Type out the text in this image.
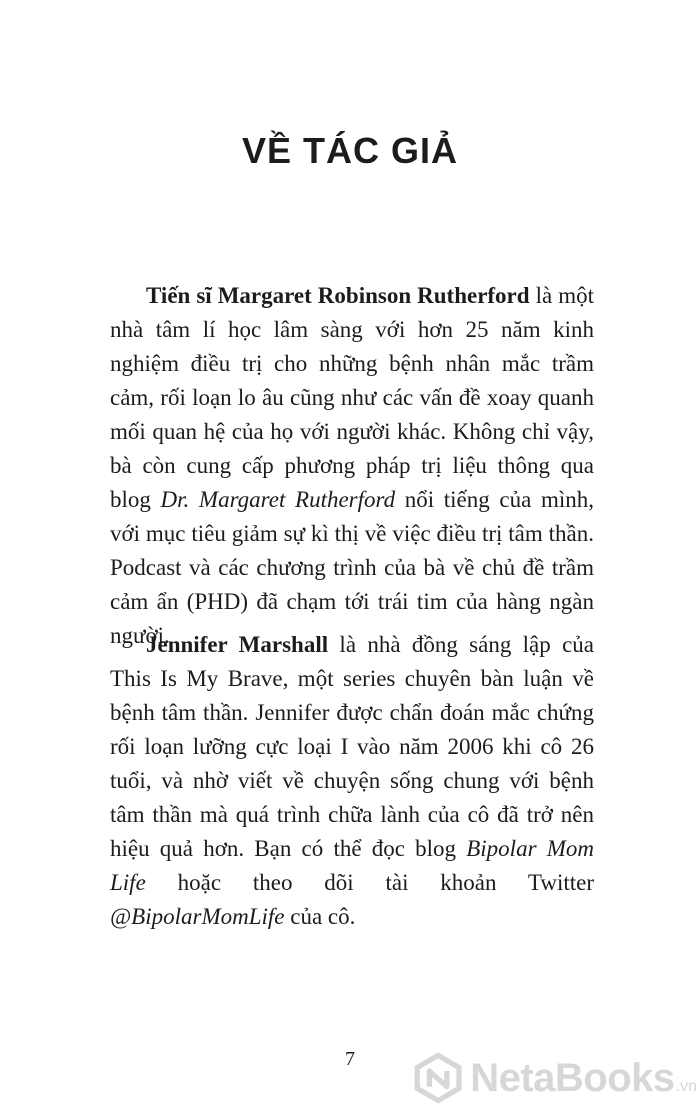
VỀ TÁC GIẢ

Tiến sĩ Margaret Robinson Rutherford là một nhà tâm lí học lâm sàng với hơn 25 năm kinh nghiệm điều trị cho những bệnh nhân mắc trầm cảm, rối loạn lo âu cũng như các vấn đề xoay quanh mối quan hệ của họ với người khác. Không chỉ vậy, bà còn cung cấp phương pháp trị liệu thông qua blog Dr. Margaret Rutherford nổi tiếng của mình, với mục tiêu giảm sự kì thị về việc điều trị tâm thần. Podcast và các chương trình của bà về chủ đề trầm cảm ẩn (PHD) đã chạm tới trái tim của hàng ngàn người.

Jennifer Marshall là nhà đồng sáng lập của This Is My Brave, một series chuyên bàn luận về bệnh tâm thần. Jennifer được chẩn đoán mắc chứng rối loạn lưỡng cực loại I vào năm 2006 khi cô 26 tuổi, và nhờ viết về chuyện sống chung với bệnh tâm thần mà quá trình chữa lành của cô đã trở nên hiệu quả hơn. Bạn có thể đọc blog Bipolar Mom Life hoặc theo dõi tài khoản Twitter @BipolarMomLife của cô.

7	NetaBooks .vn
